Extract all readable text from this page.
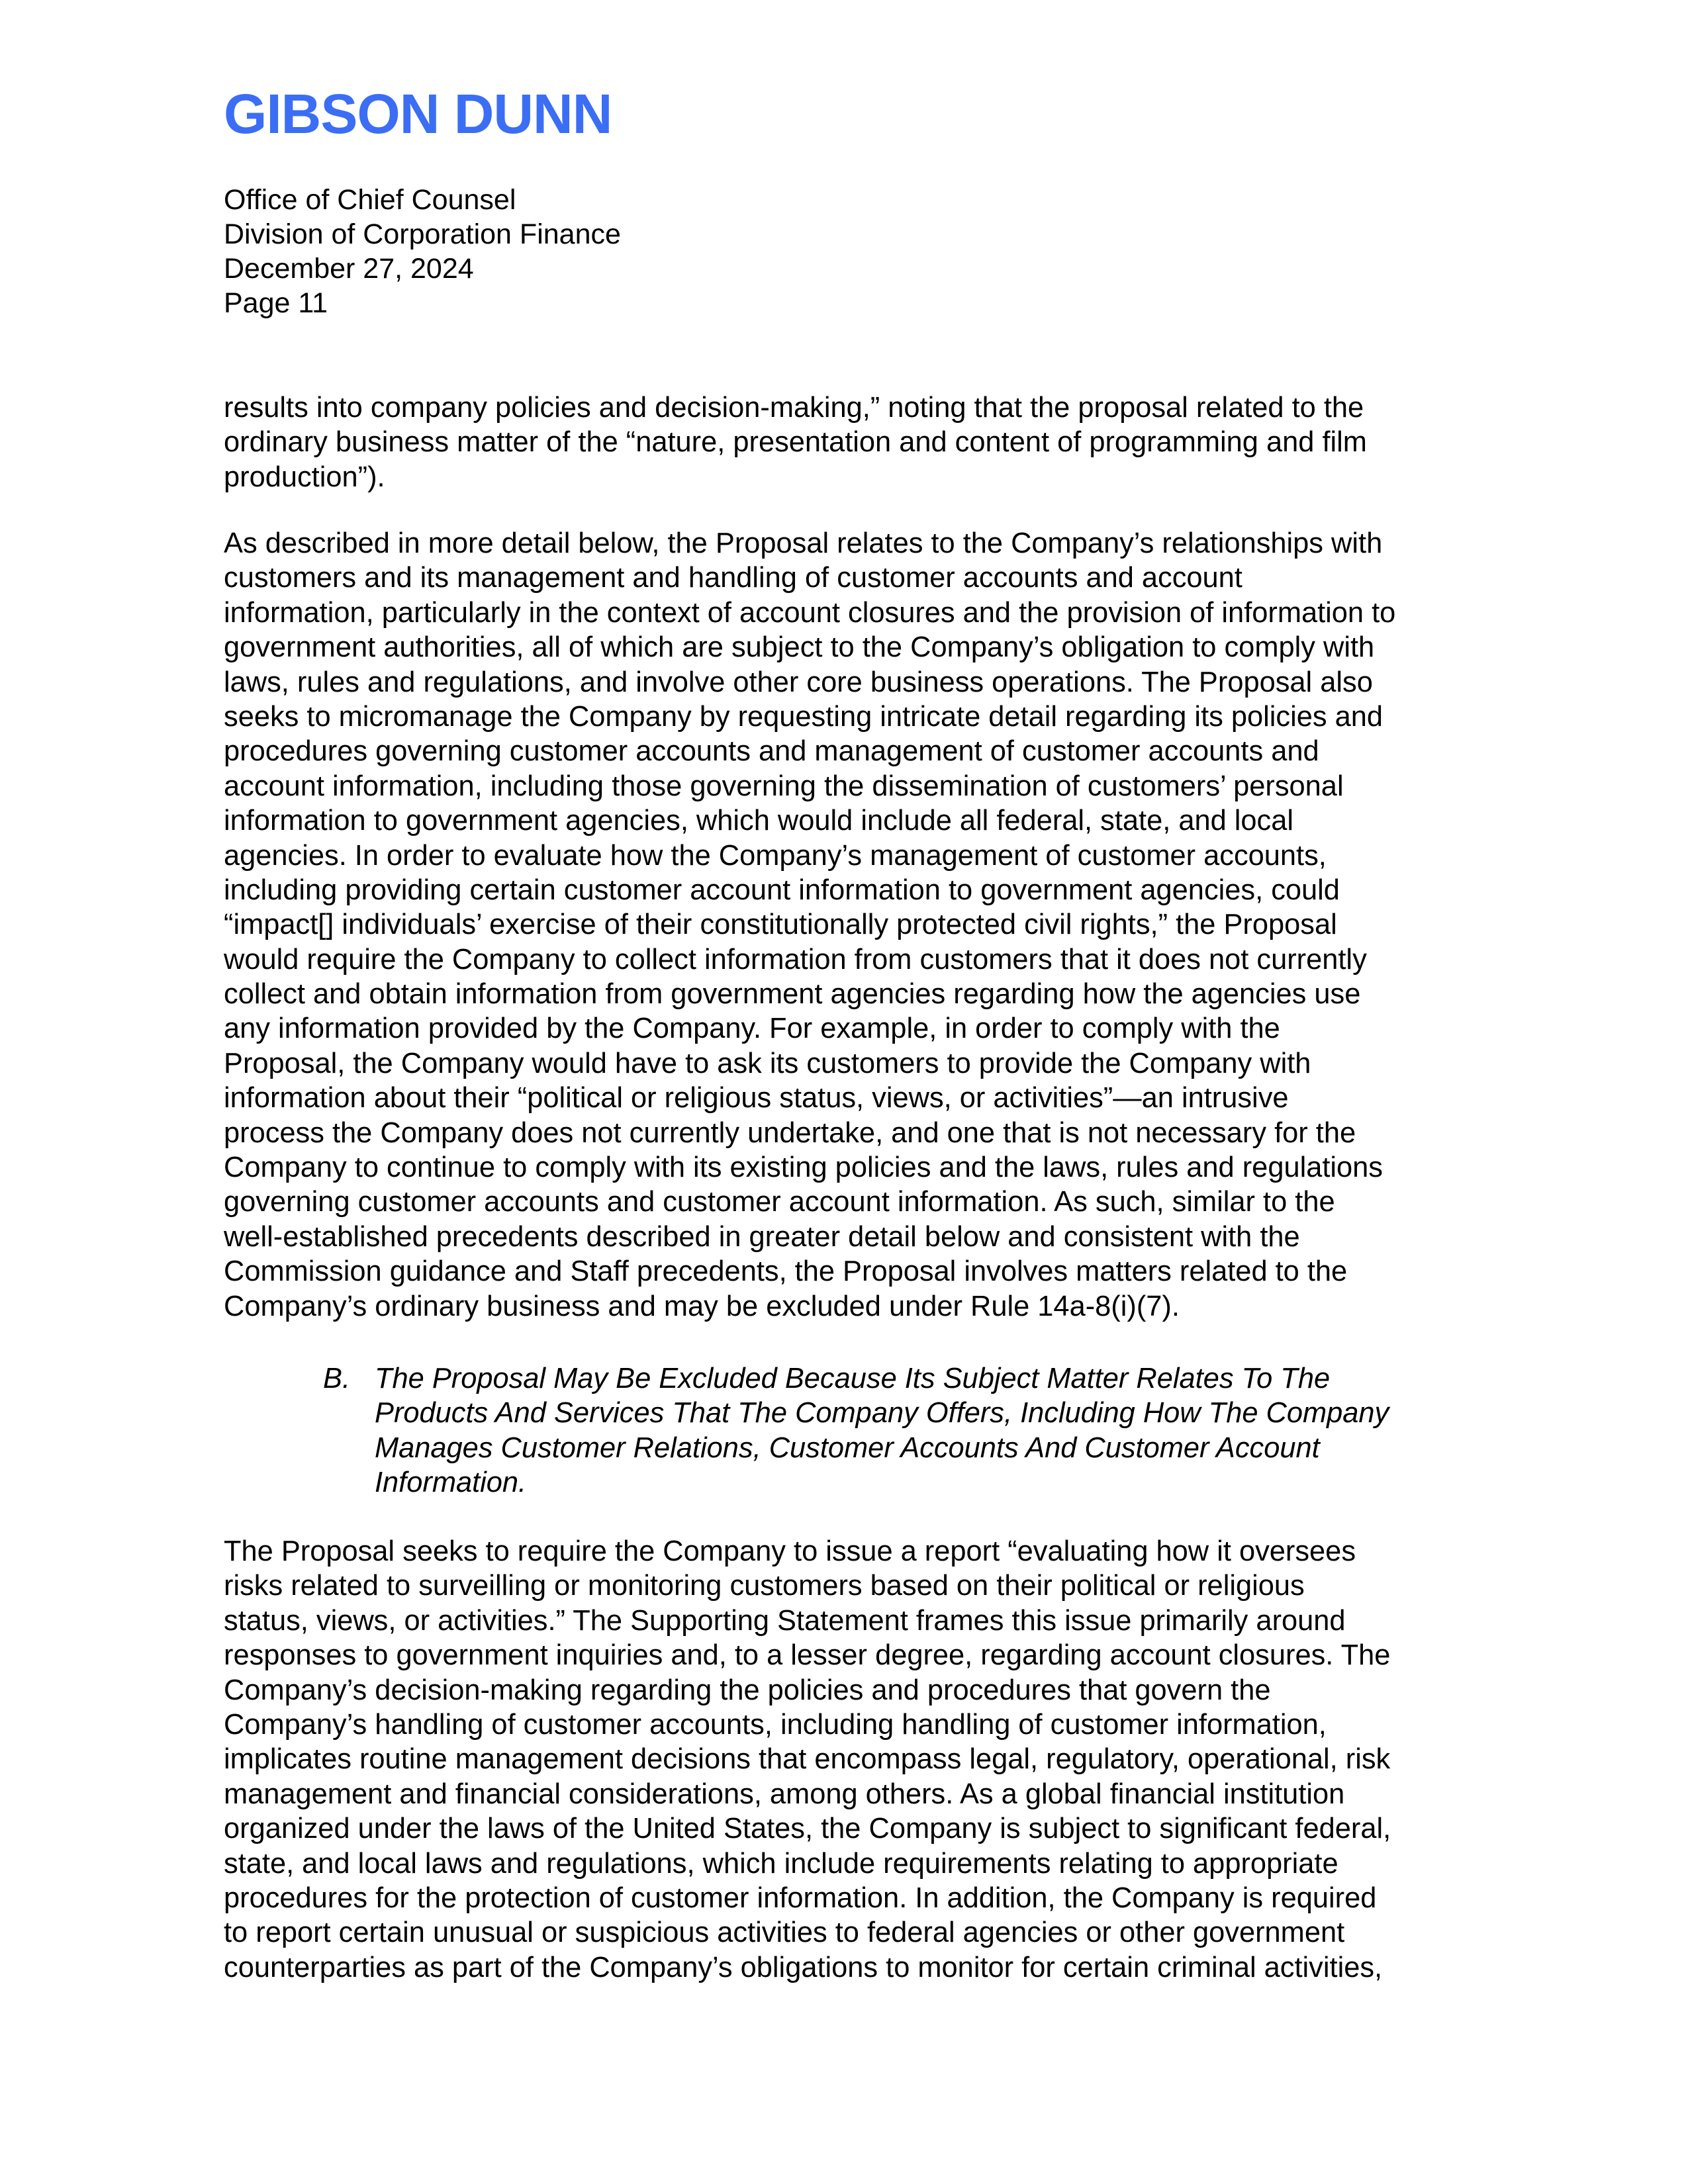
GIBSON DUNN
Office of Chief Counsel
Division of Corporation Finance
December 27, 2024
Page 11
results into company policies and decision-making,” noting that the proposal related to the
ordinary business matter of the “nature, presentation and content of programming and film
production”).
As described in more detail below, the Proposal relates to the Company’s relationships with
customers and its management and handling of customer accounts and account
information, particularly in the context of account closures and the provision of information to
government authorities, all of which are subject to the Company’s obligation to comply with
laws, rules and regulations, and involve other core business operations. The Proposal also
seeks to micromanage the Company by requesting intricate detail regarding its policies and
procedures governing customer accounts and management of customer accounts and
account information, including those governing the dissemination of customers’ personal
information to government agencies, which would include all federal, state, and local
agencies. In order to evaluate how the Company’s management of customer accounts,
including providing certain customer account information to government agencies, could
“impact[] individuals’ exercise of their constitutionally protected civil rights,” the Proposal
would require the Company to collect information from customers that it does not currently
collect and obtain information from government agencies regarding how the agencies use
any information provided by the Company. For example, in order to comply with the
Proposal, the Company would have to ask its customers to provide the Company with
information about their “political or religious status, views, or activities”—an intrusive
process the Company does not currently undertake, and one that is not necessary for the
Company to continue to comply with its existing policies and the laws, rules and regulations
governing customer accounts and customer account information. As such, similar to the
well-established precedents described in greater detail below and consistent with the
Commission guidance and Staff precedents, the Proposal involves matters related to the
Company’s ordinary business and may be excluded under Rule 14a-8(i)(7).
B. The Proposal May Be Excluded Because Its Subject Matter Relates To The
Products And Services That The Company Offers, Including How The Company
Manages Customer Relations, Customer Accounts And Customer Account
Information.
The Proposal seeks to require the Company to issue a report “evaluating how it oversees
risks related to surveilling or monitoring customers based on their political or religious
status, views, or activities.” The Supporting Statement frames this issue primarily around
responses to government inquiries and, to a lesser degree, regarding account closures. The
Company’s decision-making regarding the policies and procedures that govern the
Company’s handling of customer accounts, including handling of customer information,
implicates routine management decisions that encompass legal, regulatory, operational, risk
management and financial considerations, among others. As a global financial institution
organized under the laws of the United States, the Company is subject to significant federal,
state, and local laws and regulations, which include requirements relating to appropriate
procedures for the protection of customer information. In addition, the Company is required
to report certain unusual or suspicious activities to federal agencies or other government
counterparties as part of the Company’s obligations to monitor for certain criminal activities,
